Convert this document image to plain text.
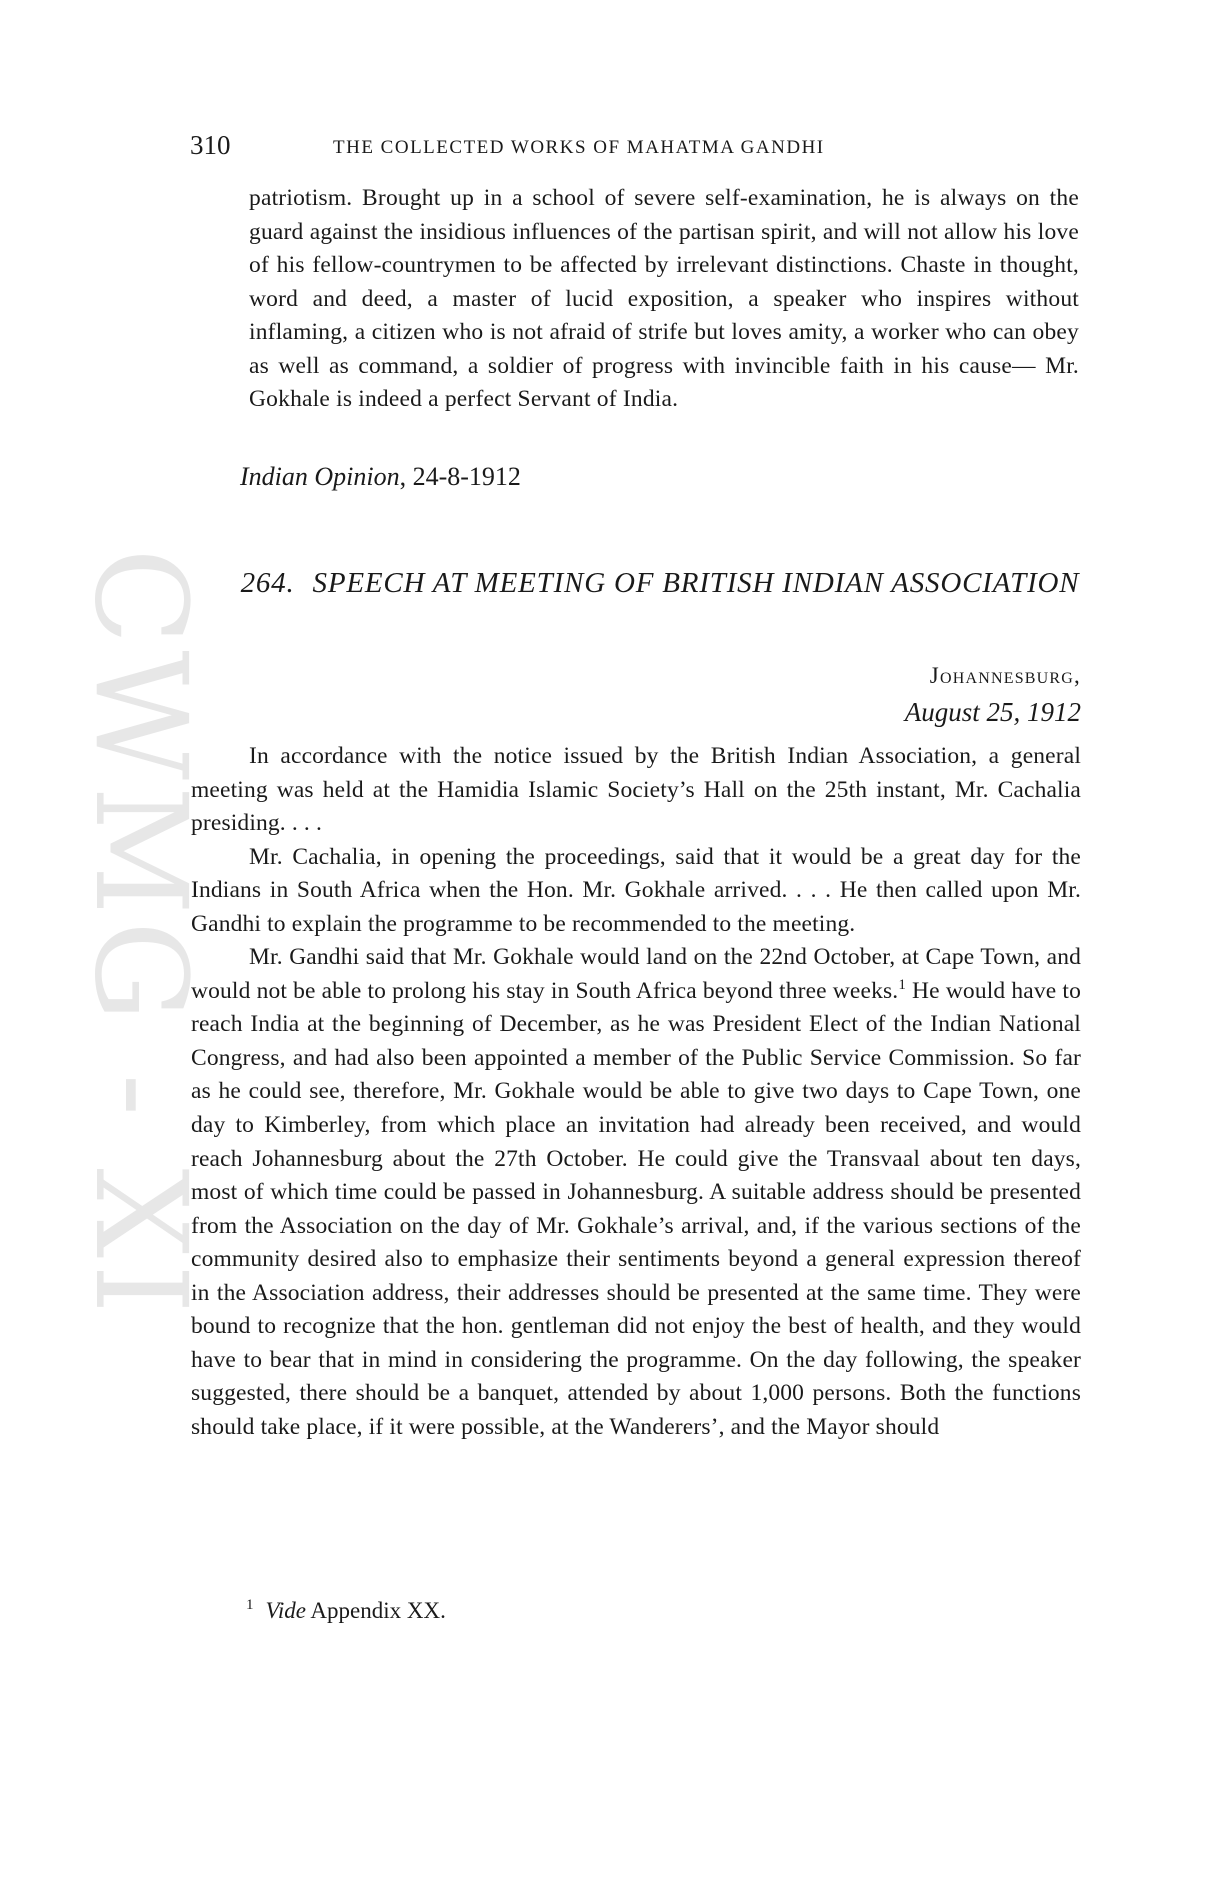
CWMG - XI
310	THE COLLECTED WORKS OF MAHATMA GANDHI

patriotism. Brought up in a school of severe self-examination, he is always on the guard against the insidious influences of the partisan spirit, and will not allow his love of his fellow-countrymen to be affected by irrelevant distinctions. Chaste in thought, word and deed, a master of lucid exposition, a speaker who inspires without inflaming, a citizen who is not afraid of strife but loves amity, a worker who can obey as well as command, a soldier of progress with invincible faith in his cause— Mr. Gokhale is indeed a perfect Servant of India.

Indian Opinion, 24-8-1912

264. SPEECH AT MEETING OF BRITISH INDIAN ASSOCIATION
Johannesburg,
August 25, 1912

In accordance with the notice issued by the British Indian Association, a general meeting was held at the Hamidia Islamic Society’s Hall on the 25th instant, Mr. Cachalia presiding. . . .

Mr. Cachalia, in opening the proceedings, said that it would be a great day for the Indians in South Africa when the Hon. Mr. Gokhale arrived. . . . He then called upon Mr. Gandhi to explain the programme to be recommended to the meeting.

Mr. Gandhi said that Mr. Gokhale would land on the 22nd October, at Cape Town, and would not be able to prolong his stay in South Africa beyond three weeks.$^1$ He would have to reach India at the beginning of December, as he was President Elect of the Indian National Congress, and had also been appointed a member of the Public Service Commission. So far as he could see, therefore, Mr. Gokhale would be able to give two days to Cape Town, one day to Kimberley, from which place an invitation had already been received, and would reach Johannesburg about the 27th October. He could give the Transvaal about ten days, most of which time could be passed in Johannesburg. A suitable address should be presented from the Association on the day of Mr. Gokhale’s arrival, and, if the various sections of the community desired also to emphasize their sentiments beyond a general expression thereof in the Association address, their addresses should be presented at the same time. They were bound to recognize that the hon. gentleman did not enjoy the best of health, and they would have to bear that in mind in considering the programme. On the day following, the speaker suggested, there should be a banquet, attended by about 1,000 persons. Both the functions should take place, if it were possible, at the Wanderers’, and the Mayor should

$^1$ Vide Appendix XX.
